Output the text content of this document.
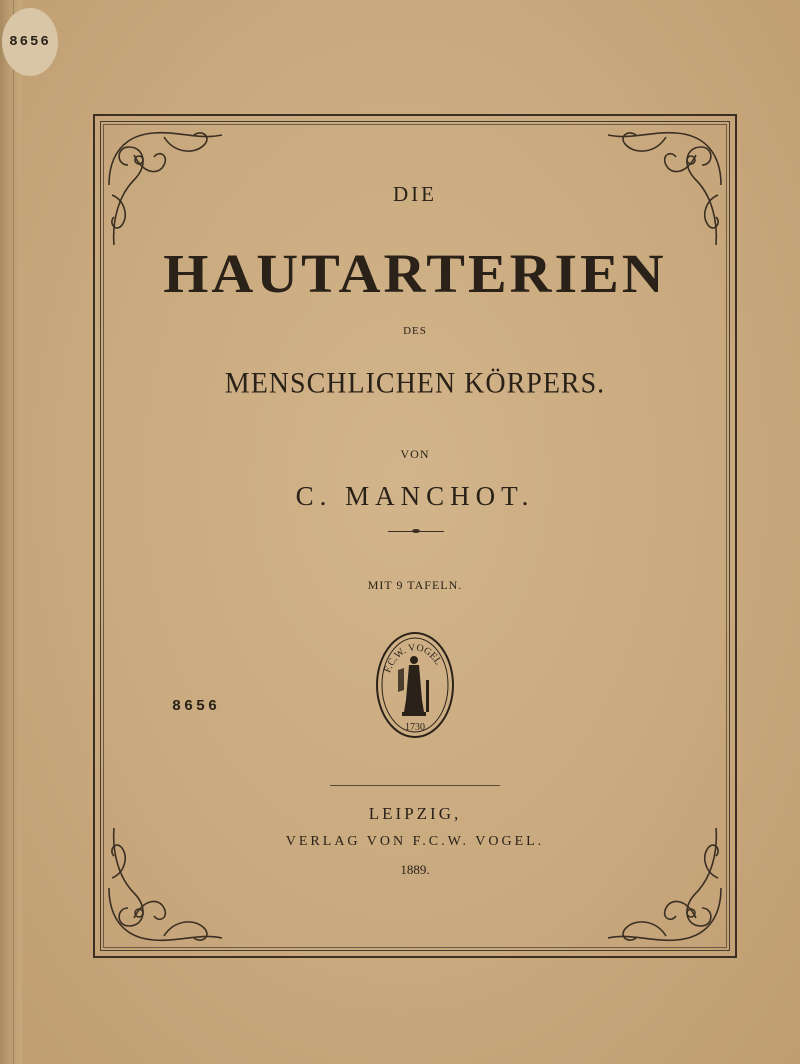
8656
DIE
HAUTARTERIEN
DES
MENSCHLICHEN KÖRPERS.
VON
C. MANCHOT.
MIT 9 TAFELN.
8656
F.C.W. VOGEL
1730
LEIPZIG,
VERLAG VON F.C.W. VOGEL.
1889.
